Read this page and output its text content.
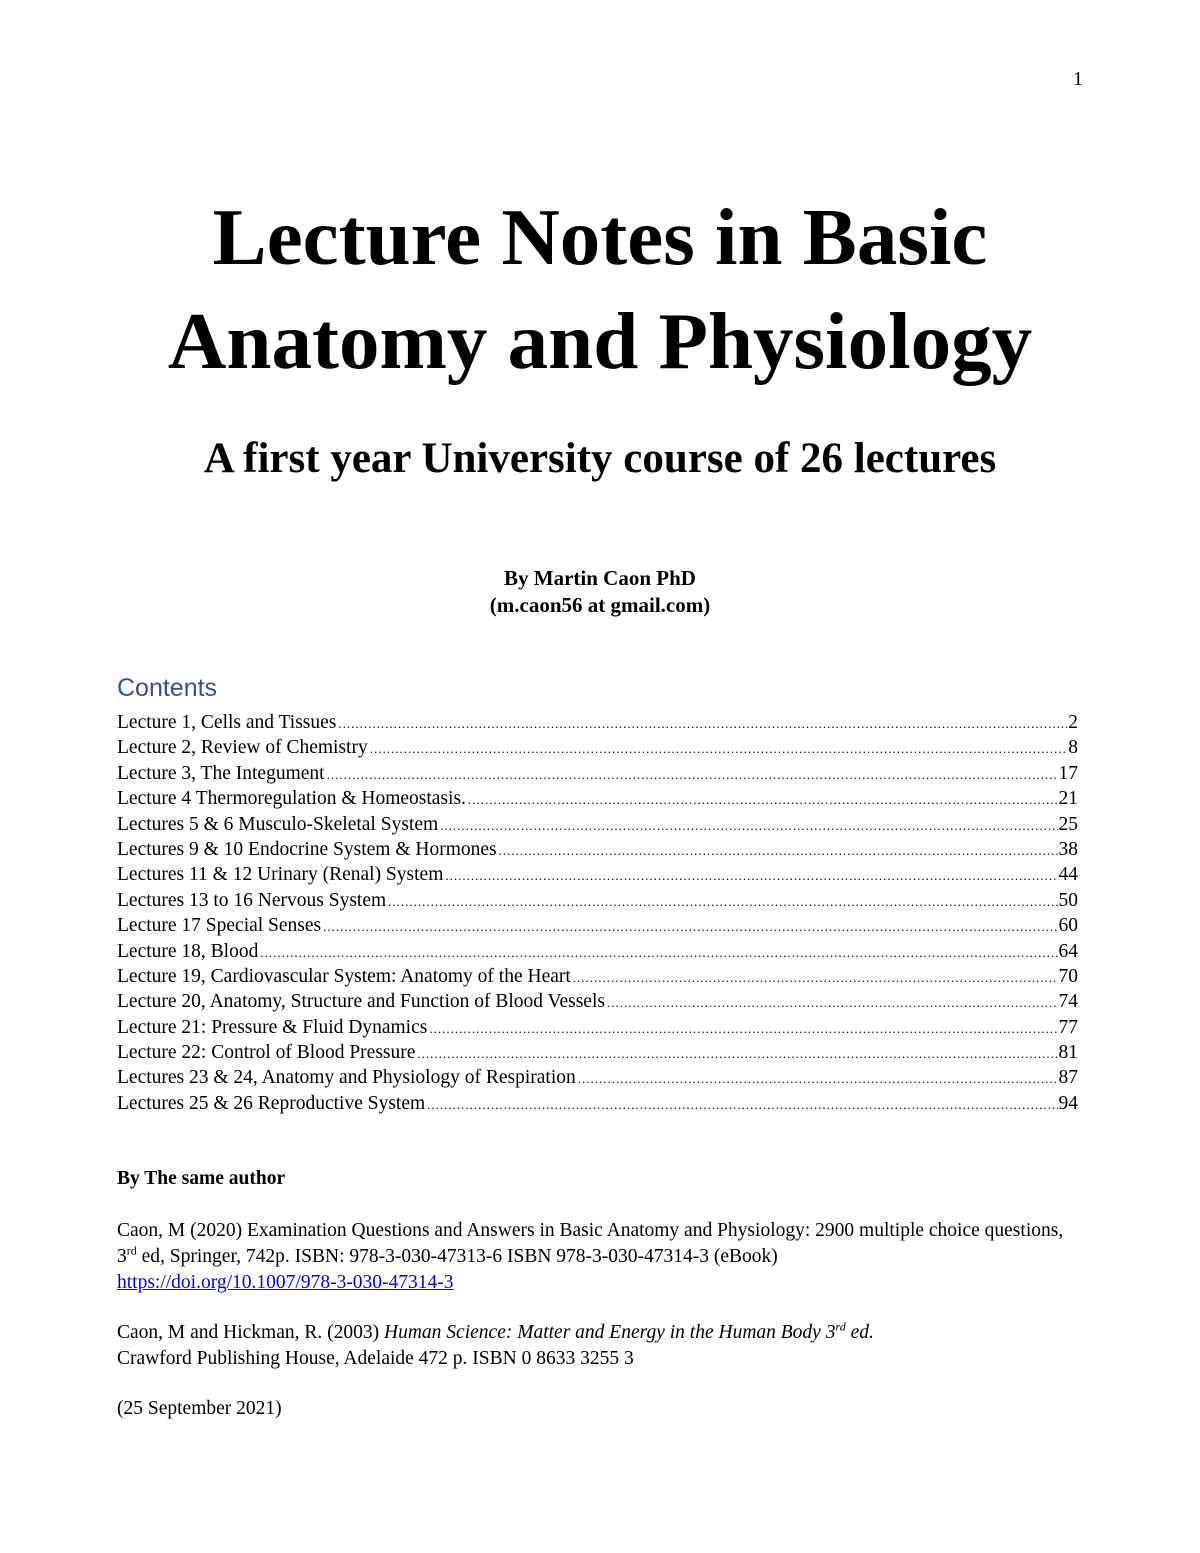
1
Lecture Notes in Basic
Anatomy and Physiology
A first year University course of 26 lectures
By Martin Caon PhD
(m.caon56 at gmail.com)
Contents
Lecture 1, Cells and Tissues .....	2
Lecture 2, Review of Chemistry .....	8
Lecture 3, The Integument .....	17
Lecture 4 Thermoregulation & Homeostasis. .....	21
Lectures 5 & 6 Musculo-Skeletal System .....	25
Lectures 9 & 10 Endocrine System & Hormones .....	38
Lectures 11 & 12 Urinary (Renal) System .....	44
Lectures 13 to 16 Nervous System .....	50
Lecture 17 Special Senses .....	60
Lecture 18, Blood .....	64
Lecture 19, Cardiovascular System: Anatomy of the Heart .....	70
Lecture 20, Anatomy, Structure and Function of Blood Vessels .....	74
Lecture 21: Pressure & Fluid Dynamics .....	77
Lecture 22: Control of Blood Pressure .....	81
Lectures 23 & 24, Anatomy and Physiology of Respiration .....	87
Lectures 25 & 26 Reproductive System .....	94
By The same author

Caon, M (2020) Examination Questions and Answers in Basic Anatomy and Physiology: 2900 multiple choice questions, 3rd ed, Springer, 742p. ISBN: 978-3-030-47313-6 ISBN 978-3-030-47314-3 (eBook)
https://doi.org/10.1007/978-3-030-47314-3

Caon, M and Hickman, R. (2003) Human Science: Matter and Energy in the Human Body 3rd ed.
Crawford Publishing House, Adelaide 472 p. ISBN 0 8633 3255 3

(25 September 2021)
